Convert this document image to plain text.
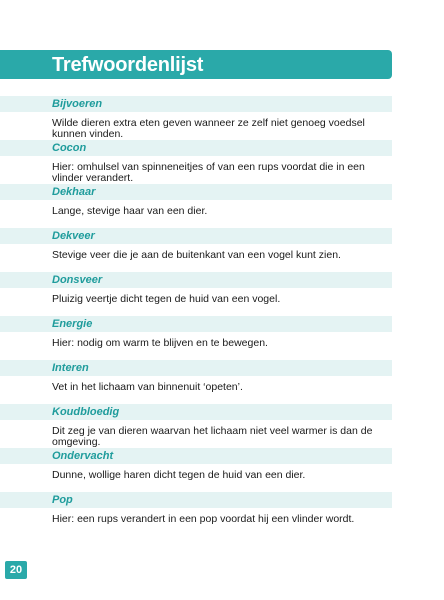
Trefwoordenlijst
Bijvoeren
Wilde dieren extra eten geven wanneer ze zelf niet genoeg voedsel kunnen vinden.
Cocon
Hier: omhulsel van spinneneitjes of van een rups voordat die in een vlinder verandert.
Dekhaar
Lange, stevige haar van een dier.
Dekveer
Stevige veer die je aan de buitenkant van een vogel kunt zien.
Donsveer
Pluizig veertje dicht tegen de huid van een vogel.
Energie
Hier: nodig om warm te blijven en te bewegen.
Interen
Vet in het lichaam van binnenuit ‘opeten’.
Koudbloedig
Dit zeg je van dieren waarvan het lichaam niet veel warmer is dan de omgeving.
Ondervacht
Dunne, wollige haren dicht tegen de huid van een dier.
Pop
Hier: een rups verandert in een pop voordat hij een vlinder wordt.
20
